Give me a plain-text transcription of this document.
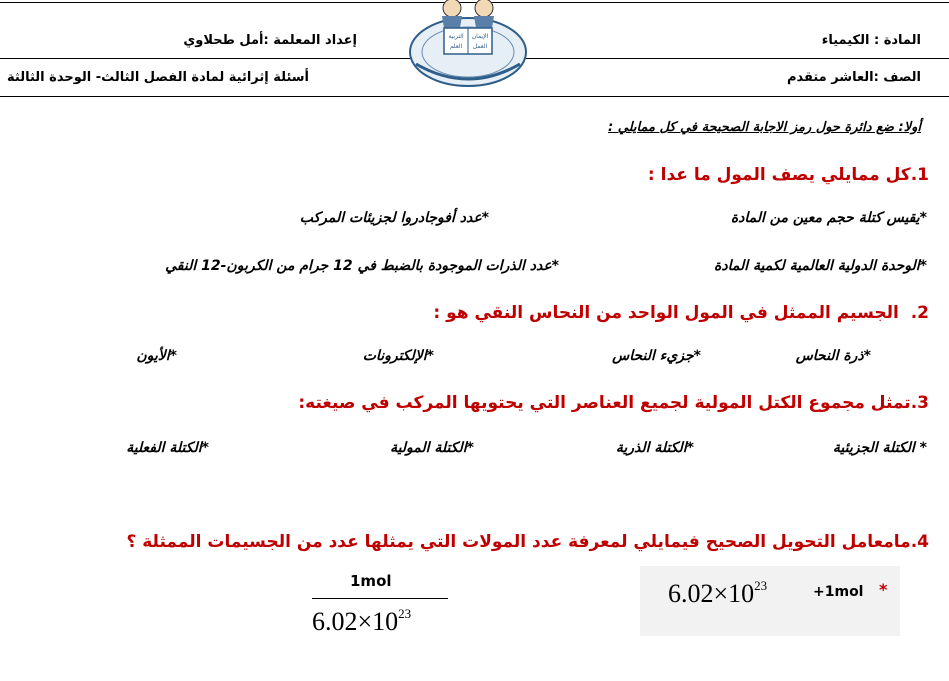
المادة : الكيمياء
إعداد المعلمة :أمل طحلاوي
الصف :العاشر متقدم
أسئلة إثرائية لمادة الفصل الثالث- الوحدة الثالثة
التربية الإيمان
العلم العمل
أولا: ضع دائرة حول رمز الاجابة الصحيحة في كل ممايلي :
1.كل ممايلي يصف المول ما عدا :
*يقيس كتلة حجم معين من المادة
*عدد أفوجادروا لجزيئات المركب
*الوحدة الدولية العالمية لكمية المادة
*عدد الذرات الموجودة بالضبط في 12 جرام من الكربون-12 النقي
2.  الجسيم الممثل في المول الواحد من النحاس النقي هو :
*ذرة النحاس
*جزيء النحاس
*الإلكترونات
*الأيون
3.تمثل مجموع الكتل المولية لجميع العناصر التي يحتويها المركب في صيغته:
* الكتلة الجزيئية
*الكتلة الذرية
*الكتلة المولية
*الكتلة الفعلية
4.مامعامل التحويل الصحيح فيمايلي لمعرفة عدد المولات التي يمثلها عدد من الجسيمات الممثلة ؟
$6.02\times 10^{23}$	+1mol *
1mol
$6.02\times 10^{23}$
